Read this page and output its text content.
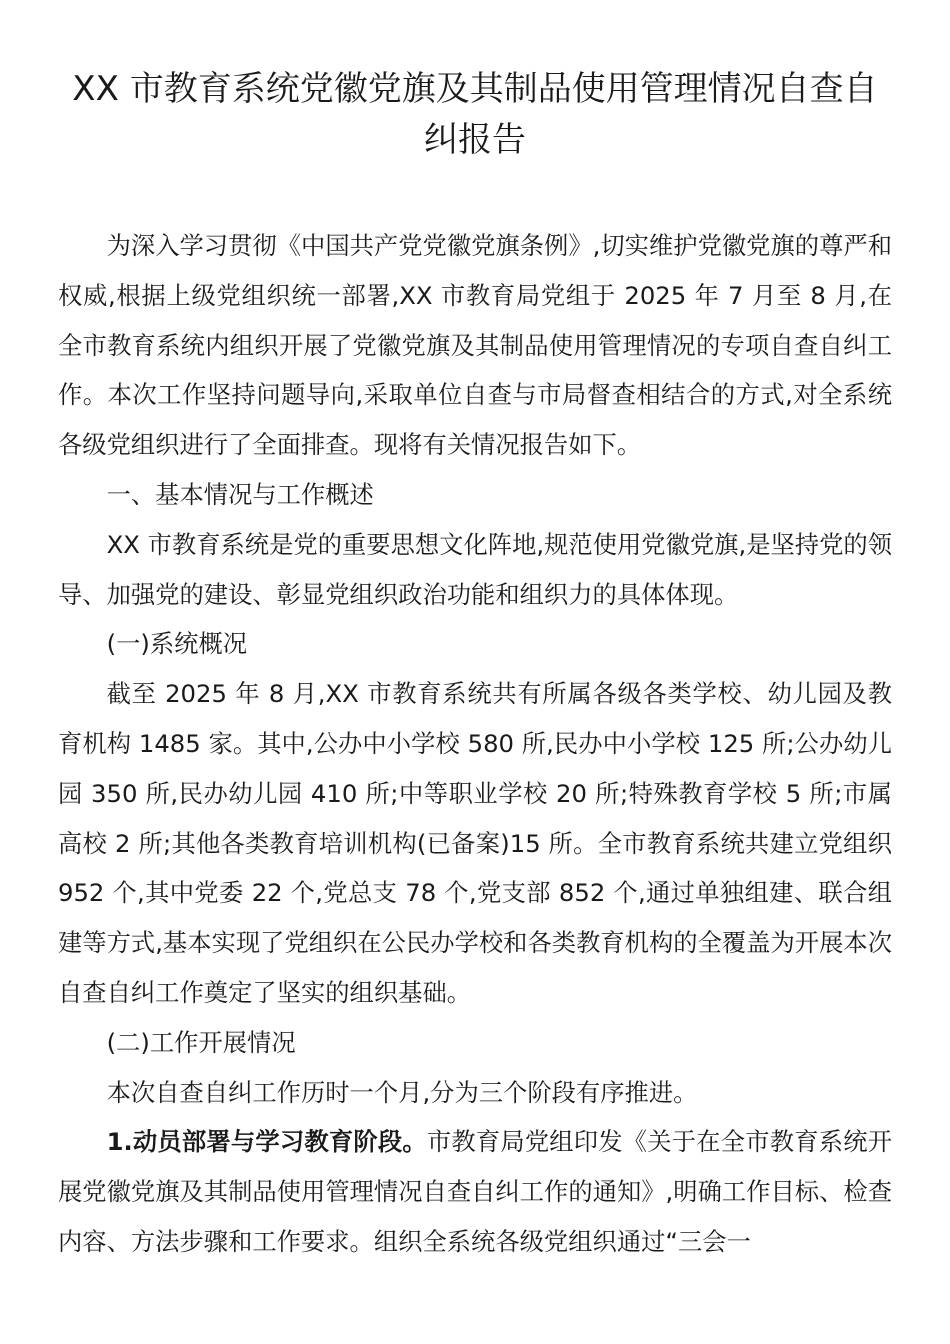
XX 市教育系统党徽党旗及其制品使用管理情况自查自纠报告

为深入学习贯彻《中国共产党党徽党旗条例》,切实维护党徽党旗的尊严和权威,根据上级党组织统一部署,XX 市教育局党组于 2025 年 7 月至 8 月,在全市教育系统内组织开展了党徽党旗及其制品使用管理情况的专项自查自纠工作。本次工作坚持问题导向,采取单位自查与市局督查相结合的方式,对全系统各级党组织进行了全面排查。现将有关情况报告如下。

一、基本情况与工作概述

XX 市教育系统是党的重要思想文化阵地,规范使用党徽党旗,是坚持党的领导、加强党的建设、彰显党组织政治功能和组织力的具体体现。

(一)系统概况

截至 2025 年 8 月,XX 市教育系统共有所属各级各类学校、幼儿园及教育机构 1485 家。其中,公办中小学校 580 所,民办中小学校 125 所;公办幼儿园 350 所,民办幼儿园 410 所;中等职业学校 20 所;特殊教育学校 5 所;市属高校 2 所;其他各类教育培训机构(已备案)15 所。全市教育系统共建立党组织 952 个,其中党委 22 个,党总支 78 个,党支部 852 个,通过单独组建、联合组建等方式,基本实现了党组织在公民办学校和各类教育机构的全覆盖为开展本次自查自纠工作奠定了坚实的组织基础。

(二)工作开展情况

本次自查自纠工作历时一个月,分为三个阶段有序推进。

1.动员部署与学习教育阶段。市教育局党组印发《关于在全市教育系统开展党徽党旗及其制品使用管理情况自查自纠工作的通知》,明确工作目标、检查内容、方法步骤和工作要求。组织全系统各级党组织通过“三会一
